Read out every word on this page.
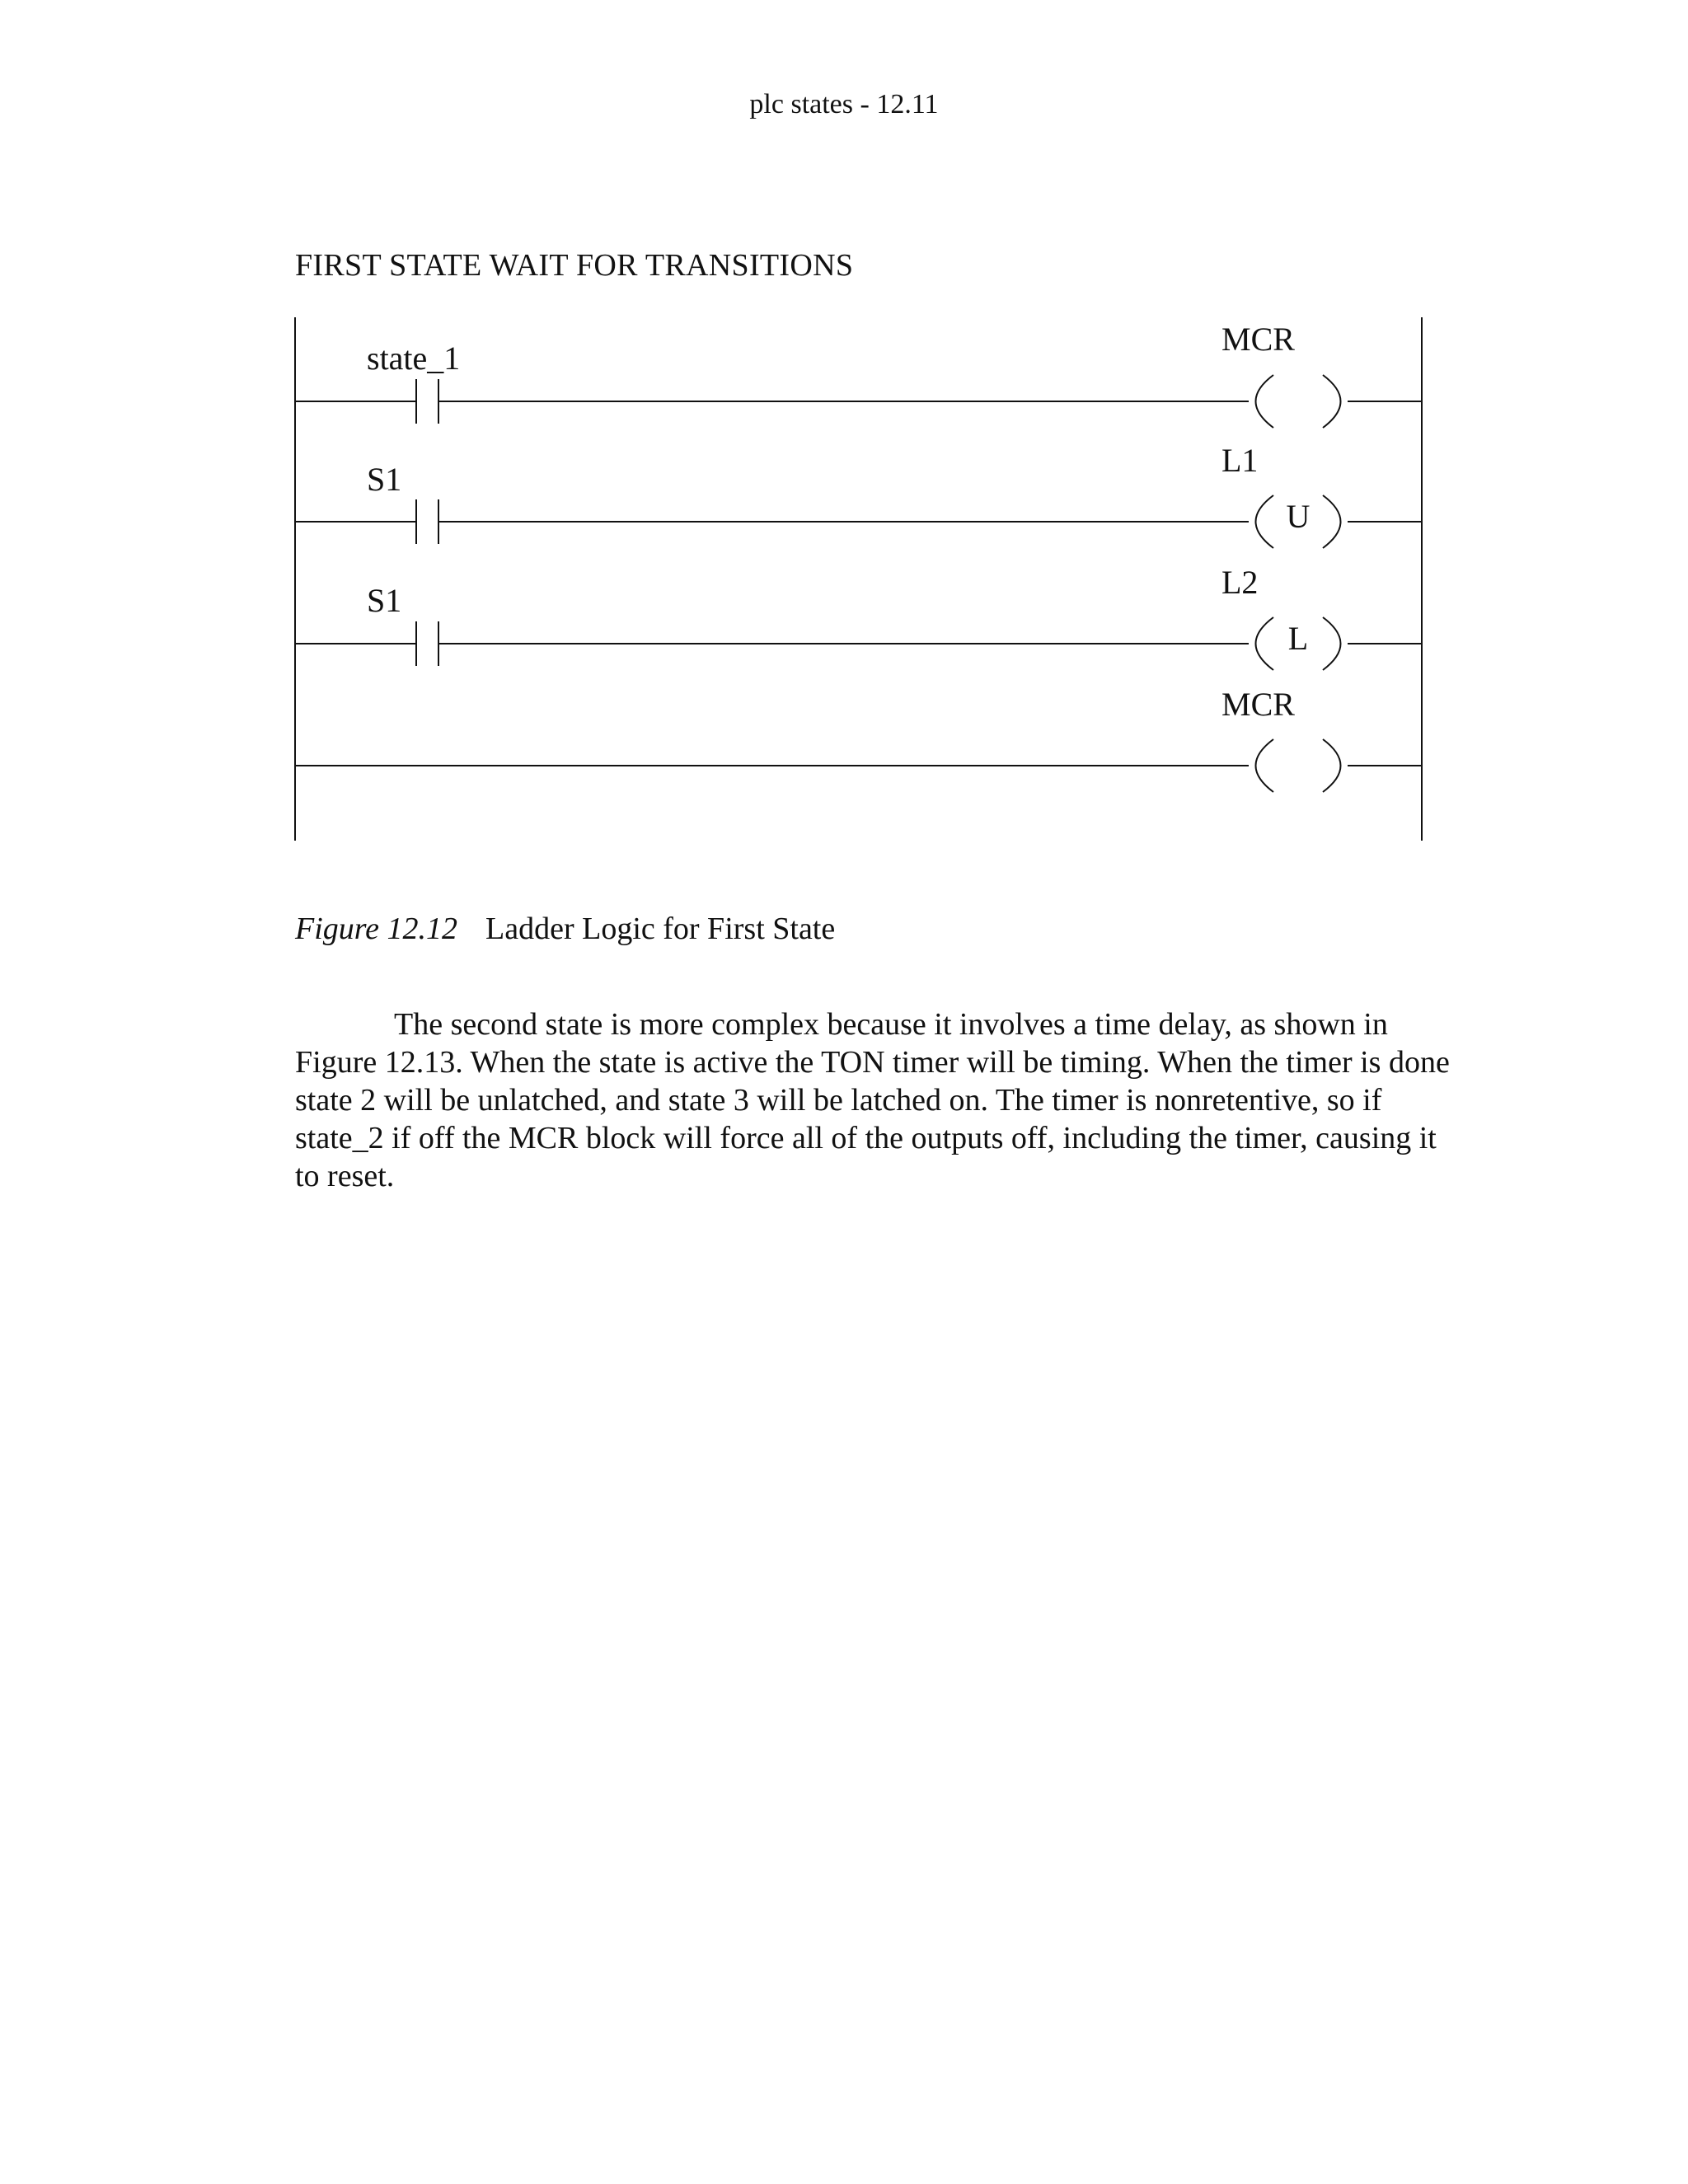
plc states - 12.11
FIRST STATE WAIT FOR TRANSITIONS
state_1
MCR
S1
L1
U
S1	L2
L
MCR
Figure 12.12 Ladder Logic for First State

The second state is more complex because it involves a time delay, as shown in Figure 12.13. When the state is active the TON timer will be timing. When the timer is done state 2 will be unlatched, and state 3 will be latched on. The timer is nonretentive, so if state_2 if off the MCR block will force all of the outputs off, including the timer, causing it to reset.
